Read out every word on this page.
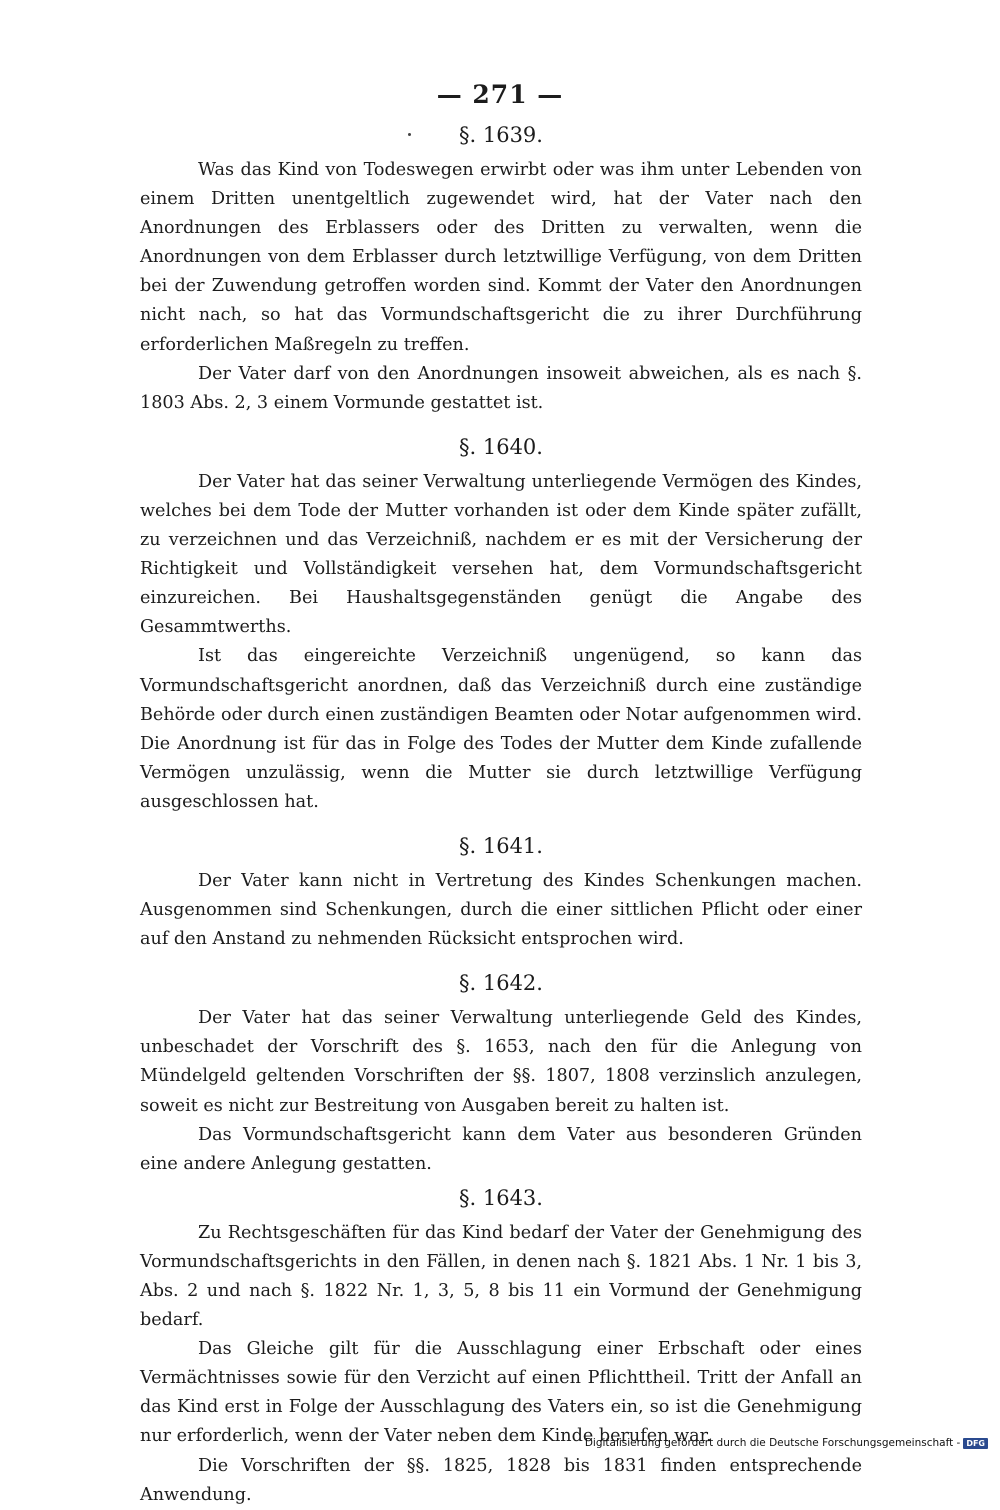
— 271 —
§. 1639.

Was das Kind von Todeswegen erwirbt oder was ihm unter Lebenden von einem Dritten unentgeltlich zugewendet wird, hat der Vater nach den Anordnungen des Erblassers oder des Dritten zu verwalten, wenn die Anordnungen von dem Erblasser durch letztwillige Verfügung, von dem Dritten bei der Zuwendung getroffen worden sind. Kommt der Vater den Anordnungen nicht nach, so hat das Vormundschaftsgericht die zu ihrer Durchführung erforderlichen Maßregeln zu treffen.

Der Vater darf von den Anordnungen insoweit abweichen, als es nach §. 1803 Abs. 2, 3 einem Vormunde gestattet ist.

§. 1640.

Der Vater hat das seiner Verwaltung unterliegende Vermögen des Kindes, welches bei dem Tode der Mutter vorhanden ist oder dem Kinde später zufällt, zu verzeichnen und das Verzeichniß, nachdem er es mit der Versicherung der Richtigkeit und Vollständigkeit versehen hat, dem Vormundschaftsgericht einzureichen. Bei Haushaltsgegenständen genügt die Angabe des Gesammtwerths.

Ist das eingereichte Verzeichniß ungenügend, so kann das Vormundschaftsgericht anordnen, daß das Verzeichniß durch eine zuständige Behörde oder durch einen zuständigen Beamten oder Notar aufgenommen wird. Die Anordnung ist für das in Folge des Todes der Mutter dem Kinde zufallende Vermögen unzulässig, wenn die Mutter sie durch letztwillige Verfügung ausgeschlossen hat.

§. 1641.

Der Vater kann nicht in Vertretung des Kindes Schenkungen machen. Ausgenommen sind Schenkungen, durch die einer sittlichen Pflicht oder einer auf den Anstand zu nehmenden Rücksicht entsprochen wird.

§. 1642.

Der Vater hat das seiner Verwaltung unterliegende Geld des Kindes, unbeschadet der Vorschrift des §. 1653, nach den für die Anlegung von Mündelgeld geltenden Vorschriften der §§. 1807, 1808 verzinslich anzulegen, soweit es nicht zur Bestreitung von Ausgaben bereit zu halten ist.

Das Vormundschaftsgericht kann dem Vater aus besonderen Gründen eine andere Anlegung gestatten.

§. 1643.

Zu Rechtsgeschäften für das Kind bedarf der Vater der Genehmigung des Vormundschaftsgerichts in den Fällen, in denen nach §. 1821 Abs. 1 Nr. 1 bis 3, Abs. 2 und nach §. 1822 Nr. 1, 3, 5, 8 bis 11 ein Vormund der Genehmigung bedarf.

Das Gleiche gilt für die Ausschlagung einer Erbschaft oder eines Vermächtnisses sowie für den Verzicht auf einen Pflichttheil. Tritt der Anfall an das Kind erst in Folge der Ausschlagung des Vaters ein, so ist die Genehmigung nur erforderlich, wenn der Vater neben dem Kinde berufen war.

Die Vorschriften der §§. 1825, 1828 bis 1831 finden entsprechende Anwendung.

Digitalisierung gefördert durch die Deutsche Forschungsgemeinschaft - DFG
